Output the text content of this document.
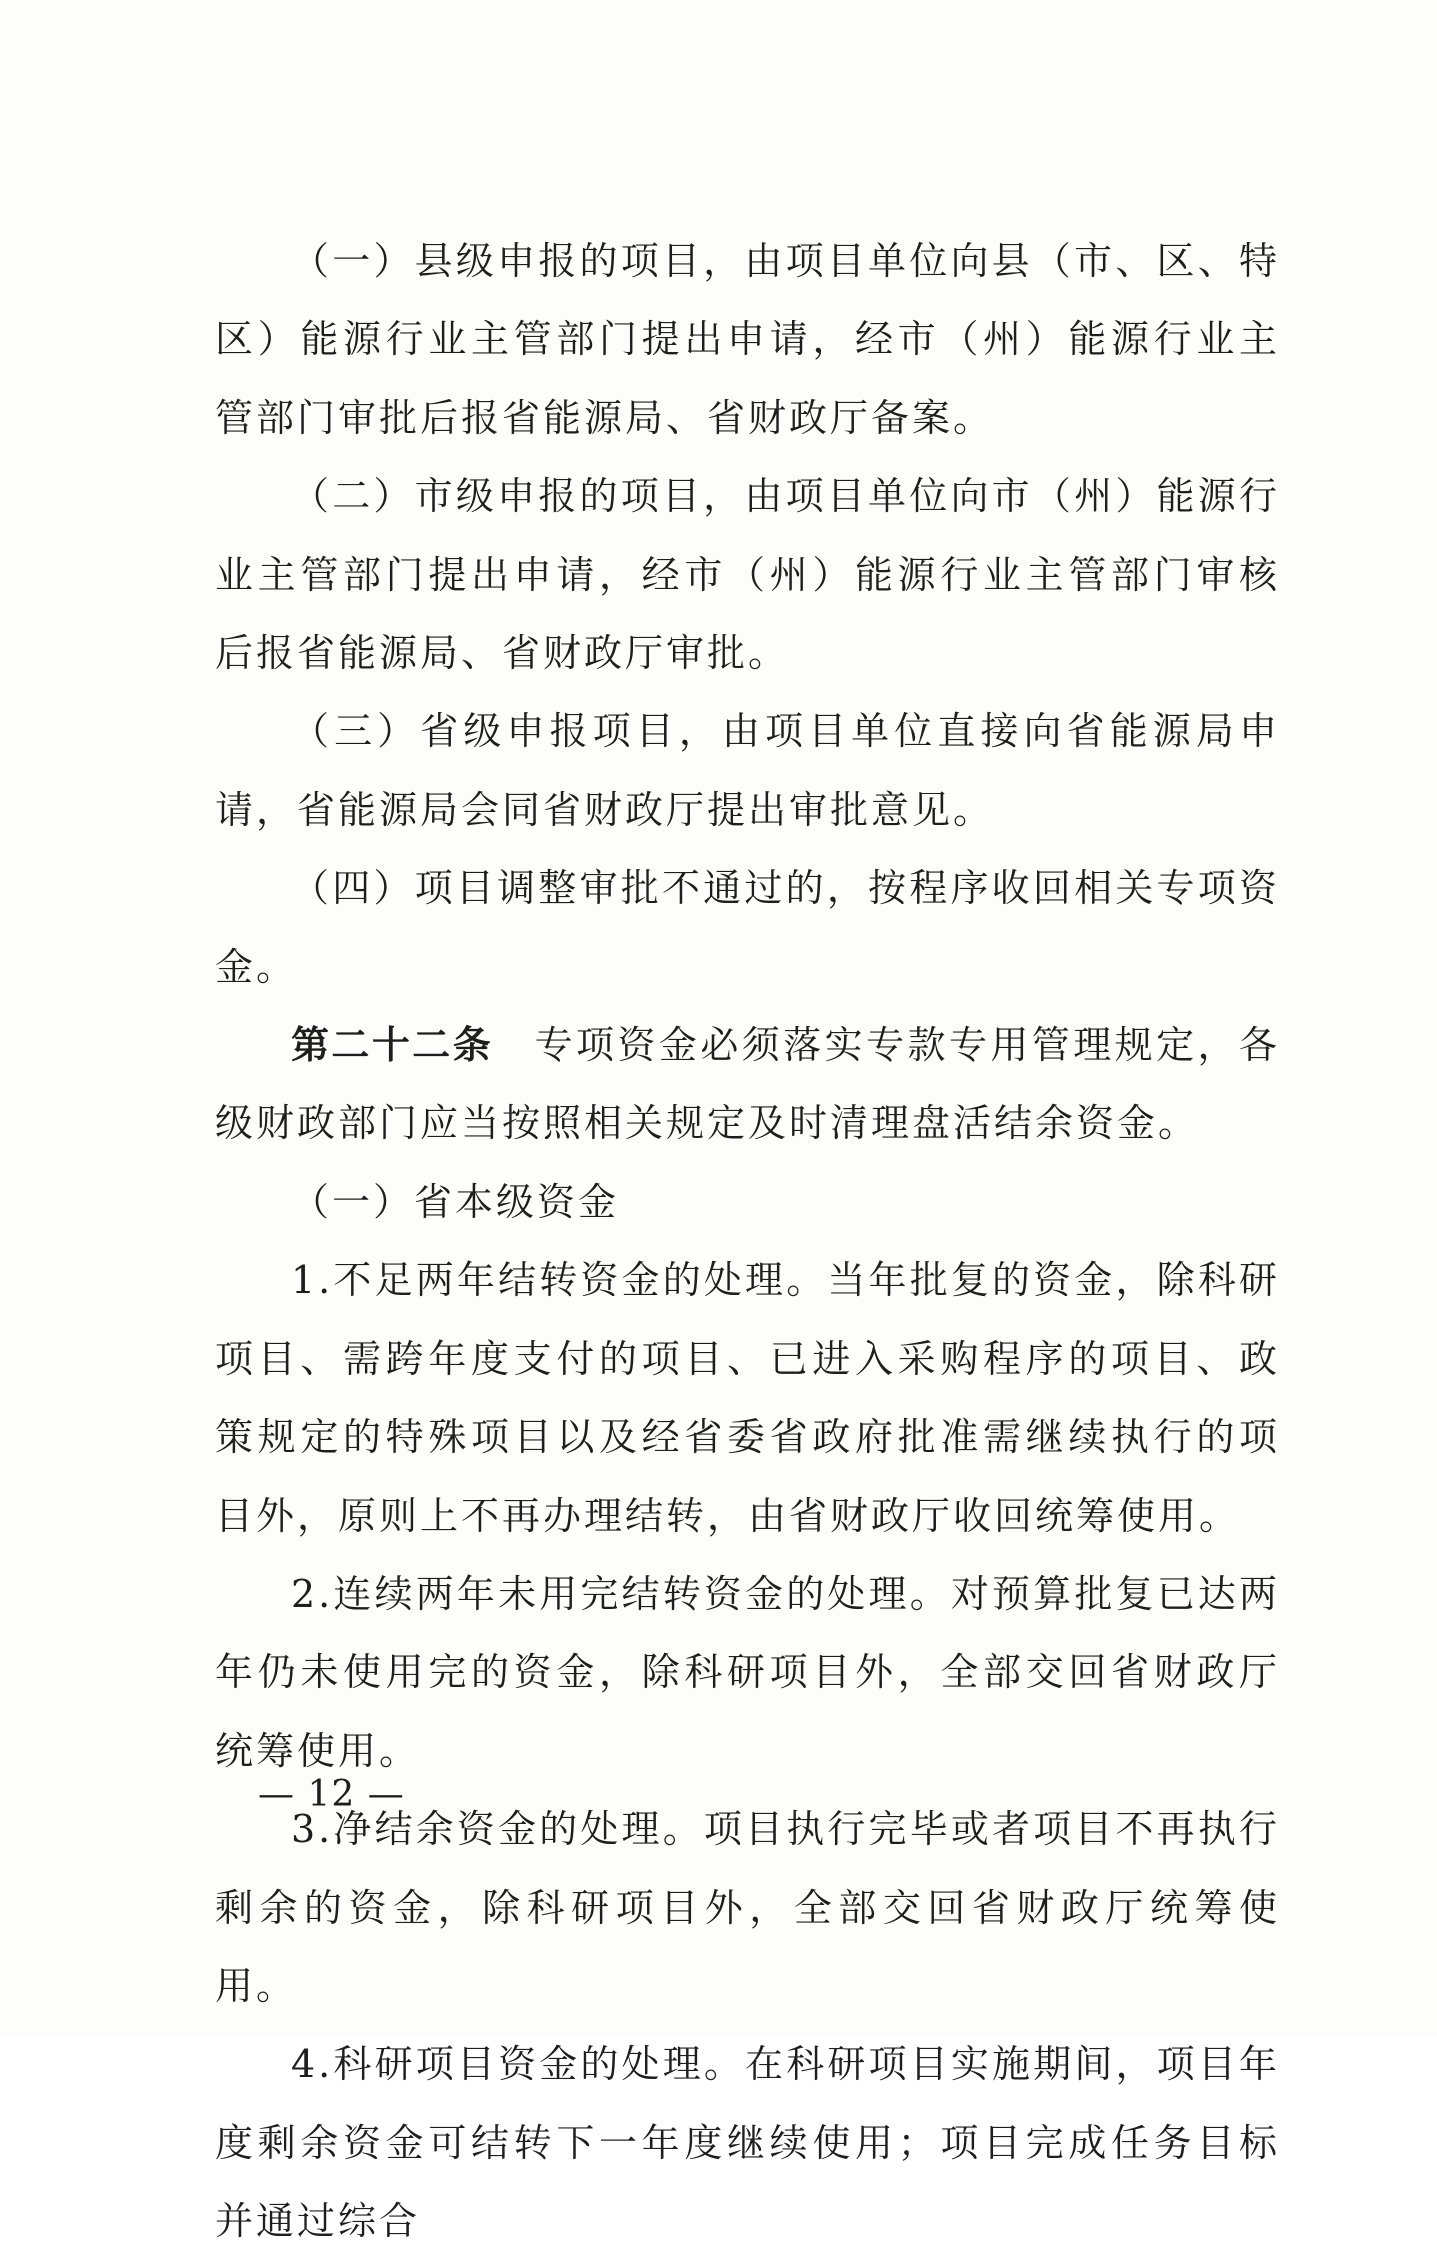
（一）县级申报的项目，由项目单位向县（市、区、特区）能源行业主管部门提出申请，经市（州）能源行业主管部门审批后报省能源局、省财政厅备案。

（二）市级申报的项目，由项目单位向市（州）能源行业主管部门提出申请，经市（州）能源行业主管部门审核后报省能源局、省财政厅审批。

（三）省级申报项目，由项目单位直接向省能源局申请，省能源局会同省财政厅提出审批意见。

（四）项目调整审批不通过的，按程序收回相关专项资金。

第二十二条　专项资金必须落实专款专用管理规定，各级财政部门应当按照相关规定及时清理盘活结余资金。

（一）省本级资金

1.不足两年结转资金的处理。当年批复的资金，除科研项目、需跨年度支付的项目、已进入采购程序的项目、政策规定的特殊项目以及经省委省政府批准需继续执行的项目外，原则上不再办理结转，由省财政厅收回统筹使用。

2.连续两年未用完结转资金的处理。对预算批复已达两年仍未使用完的资金，除科研项目外，全部交回省财政厅统筹使用。

3.净结余资金的处理。项目执行完毕或者项目不再执行剩余的资金，除科研项目外，全部交回省财政厅统筹使用。

4.科研项目资金的处理。在科研项目实施期间，项目年度剩余资金可结转下一年度继续使用；项目完成任务目标并通过综合

— 12 —
